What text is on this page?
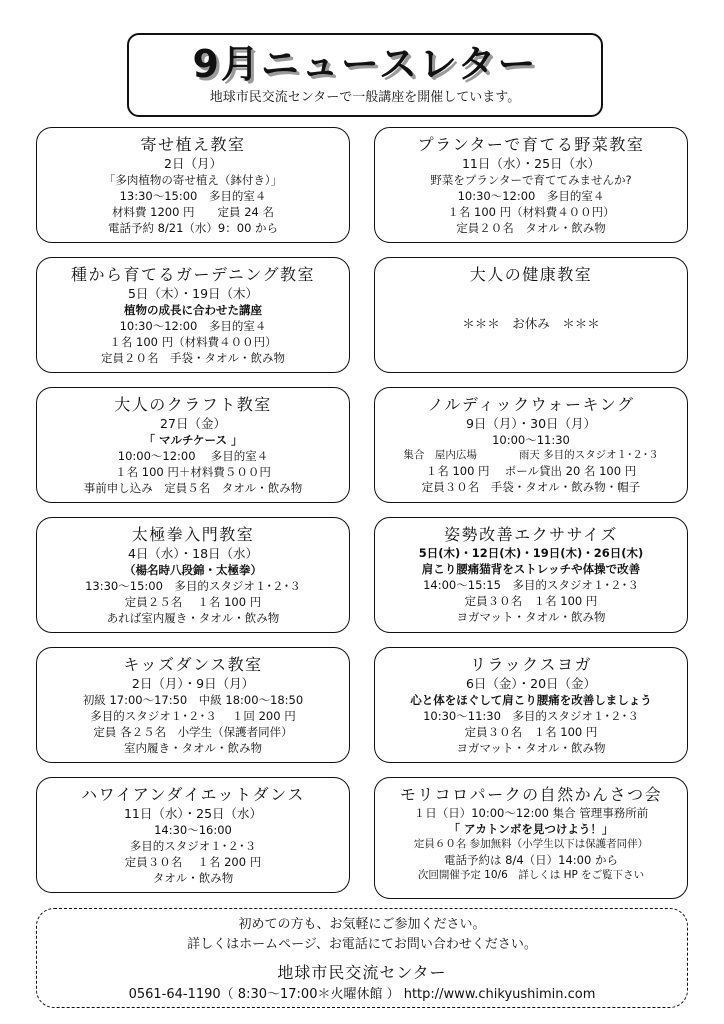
9月ニュースレター
地球市民交流センターで一般講座を開催しています。
寄せ植え教室
2日（月）
「多肉植物の寄せ植え（鉢付き）」
13:30～15:00　多目的室４
材料費 1200 円　　定員 24 名
電話予約 8/21（水）9：00 から
プランターで育てる野菜教室
11日（水）・25日（水）
野菜をプランターで育ててみませんか?
10:30～12:00　多目的室４
１名 100 円（材料費４００円）
定員２０名　タオル・飲み物
種から育てるガーデニング教室
5日（木）・19日（木）
植物の成長に合わせた講座
10:30～12:00　多目的室４
１名 100 円（材料費４００円）
定員２０名　手袋・タオル・飲み物
大人の健康教室
＊＊＊　お休み　＊＊＊
大人のクラフト教室
27日（金）
「 マルチケース 」
10:00～12:00　 多目的室４
１名 100 円＋材料費５００円
事前申し込み　定員５名　タオル・飲み物
ノルディックウォーキング
9日（月）・30日（月）
10:00～11:30
集合　屋内広場　　　　雨天 多目的スタジオ１･２･３
１名 100 円　 ポール貸出 20 名 100 円
定員３０名　手袋・タオル・飲み物・帽子
太極拳入門教室
4日（水）・18日（水）
（楊名時八段錦・太極拳）
13:30～15:00　多目的スタジオ１･２･３
定員２５名　 １名 100 円
あれば室内履き・タオル・飲み物
姿勢改善エクササイズ
5日(木)・12日(木)・19日(木)・26日(木)
肩こり腰痛猫背をストレッチや体操で改善
14:00～15:15　多目的スタジオ１･２･３
定員３０名　１名 100 円
ヨガマット・タオル・飲み物
キッズダンス教室
2日（月）・9日（月）
初級 17:00～17:50　中級 18:00～18:50
多目的スタジオ１･２･３　 １回 200 円
定員 各２５名　小学生（保護者同伴）
室内履き・タオル・飲み物
リラックスヨガ
6日（金）・20日（金）
心と体をほぐして肩こり腰痛を改善しましょう
10:30～11:30　多目的スタジオ１･２･３
定員３０名　１名 100 円
ヨガマット・タオル・飲み物
ハワイアンダイエットダンス
11日（水）・25日（水）
14:30～16:00
多目的スタジオ１･２･３
定員３０名　 １名 200 円
タオル・飲み物
モリコロパークの自然かんさつ会
１日（日）10:00～12:00 集合 管理事務所前
「 アカトンボを見つけよう！」
定員６０名 参加無料（小学生以下は保護者同伴）
電話予約は 8/4（日）14:00 から
次回開催予定 10/6　詳しくは HP をご覧下さい
初めての方も、お気軽にご参加ください。
詳しくはホームページ、お電話にてお問い合わせください。
地球市民交流センター
0561-64-1190（ 8:30～17:00＊火曜休館 ） http://www.chikyushimin.com
